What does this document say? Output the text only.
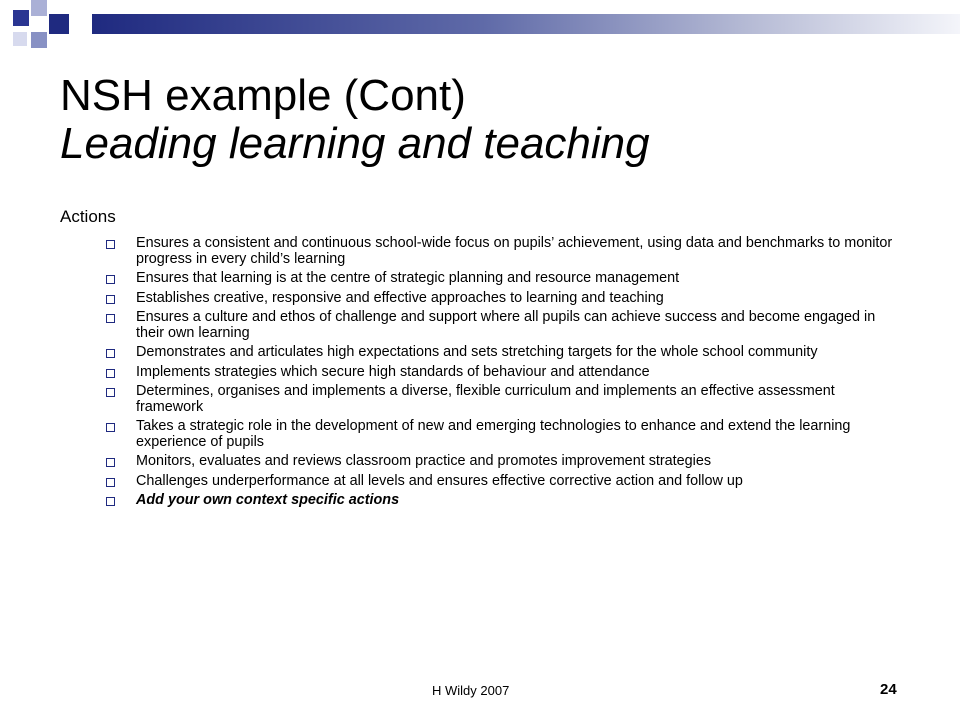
NSH example (Cont)
Leading learning and teaching
Actions
Ensures a consistent and continuous school-wide focus on pupils’ achievement, using data and benchmarks to monitor progress in every child’s learning
Ensures that learning is at the centre of strategic planning and resource management
Establishes creative, responsive and effective approaches to learning and teaching
Ensures a culture and ethos of challenge and support where all pupils can achieve success and become engaged in their own learning
Demonstrates and articulates high expectations and sets stretching targets for the whole school community
Implements strategies which secure high standards of behaviour and attendance
Determines, organises and implements a diverse, flexible curriculum and implements an effective assessment framework
Takes a strategic role in the development of new and emerging technologies to enhance and extend the learning experience of pupils
Monitors, evaluates and reviews classroom practice and promotes improvement strategies
Challenges underperformance at all levels and ensures effective corrective action and follow up
Add your own context specific actions
H Wildy 2007	24
